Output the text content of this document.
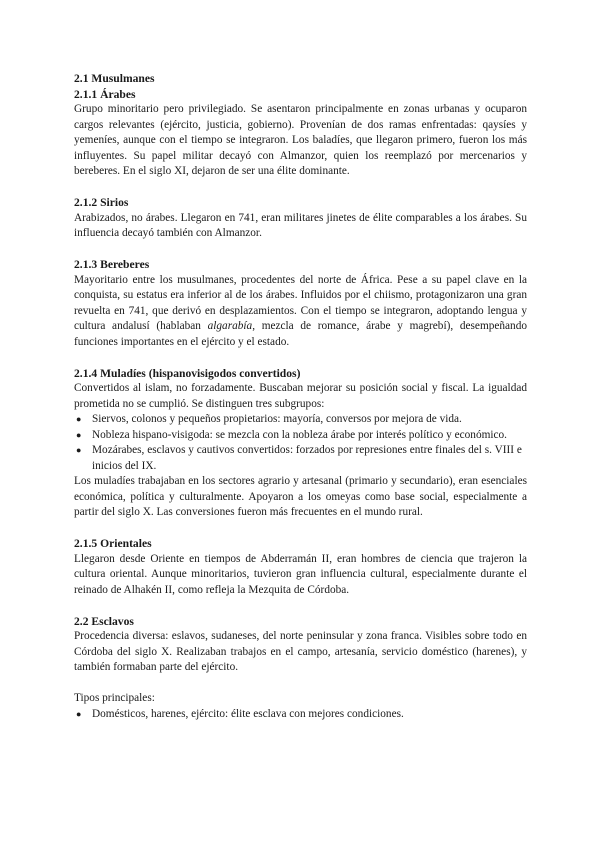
2.1 Musulmanes
2.1.1 Árabes

Grupo minoritario pero privilegiado. Se asentaron principalmente en zonas urbanas y ocuparon cargos relevantes (ejército, justicia, gobierno). Provenían de dos ramas enfrentadas: qaysíes y yemeníes, aunque con el tiempo se integraron. Los baladíes, que llegaron primero, fueron los más influyentes. Su papel militar decayó con Almanzor, quien los reemplazó por mercenarios y bereberes. En el siglo XI, dejaron de ser una élite dominante.

2.1.2 Sirios

Arabizados, no árabes. Llegaron en 741, eran militares jinetes de élite comparables a los árabes. Su influencia decayó también con Almanzor.

2.1.3 Bereberes

Mayoritario entre los musulmanes, procedentes del norte de África. Pese a su papel clave en la conquista, su estatus era inferior al de los árabes. Influidos por el chiismo, protagonizaron una gran revuelta en 741, que derivó en desplazamientos. Con el tiempo se integraron, adoptando lengua y cultura andalusí (hablaban algarabía, mezcla de romance, árabe y magrebí), desempeñando funciones importantes en el ejército y el estado.

2.1.4 Muladíes (hispanovisigodos convertidos)

Convertidos al islam, no forzadamente. Buscaban mejorar su posición social y fiscal. La igualdad prometida no se cumplió. Se distinguen tres subgrupos:

● Siervos, colonos y pequeños propietarios: mayoría, conversos por mejora de vida.
● Nobleza hispano-visigoda: se mezcla con la nobleza árabe por interés político y económico.
● Mozárabes, esclavos y cautivos convertidos: forzados por represiones entre finales del s. VIII e inicios del IX.

Los muladíes trabajaban en los sectores agrario y artesanal (primario y secundario), eran esenciales económica, política y culturalmente. Apoyaron a los omeyas como base social, especialmente a partir del siglo X. Las conversiones fueron más frecuentes en el mundo rural.

2.1.5 Orientales

Llegaron desde Oriente en tiempos de Abderramán II, eran hombres de ciencia que trajeron la cultura oriental. Aunque minoritarios, tuvieron gran influencia cultural, especialmente durante el reinado de Alhakén II, como refleja la Mezquita de Córdoba.

2.2 Esclavos

Procedencia diversa: eslavos, sudaneses, del norte peninsular y zona franca. Visibles sobre todo en Córdoba del siglo X. Realizaban trabajos en el campo, artesanía, servicio doméstico (harenes), y también formaban parte del ejército.

Tipos principales:

● Domésticos, harenes, ejército: élite esclava con mejores condiciones.
